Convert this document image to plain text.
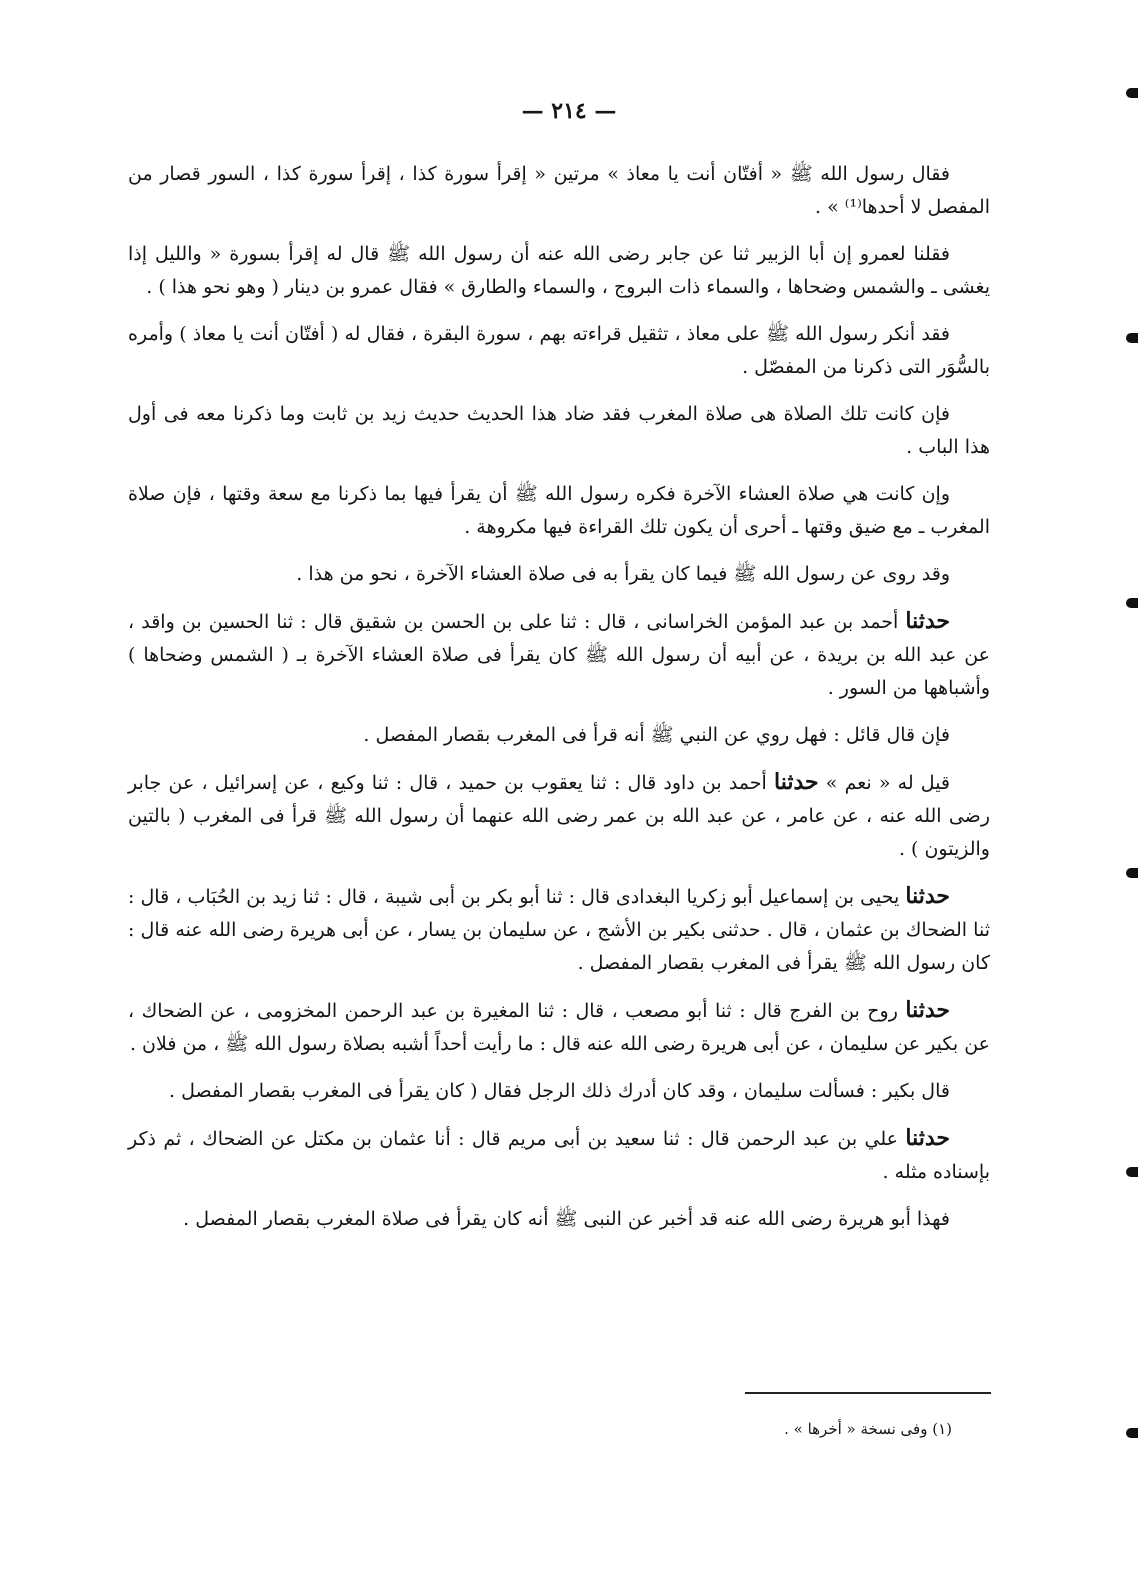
— ٢١٤ —

فقال رسول الله ﷺ « أفتّان أنت يا معاذ » مرتين « إقرأ سورة كذا ، إقرأ سورة كذا ، السور قصار من المفصل لا أحدها⁽¹⁾ » .

فقلنا لعمرو إن أبا الزبير ثنا عن جابر رضى الله عنه أن رسول الله ﷺ قال له إقرأ بسورة « والليل إذا يغشى ـ والشمس وضحاها ، والسماء ذات البروج ، والسماء والطارق » فقال عمرو بن دينار ( وهو نحو هذا ) .

فقد أنكر رسول الله ﷺ على معاذ ، تثقيل قراءته بهم ، سورة البقرة ، فقال له ( أفتّان أنت يا معاذ ) وأمره بالسُّوَر التى ذكرنا من المفصّل .

فإن كانت تلك الصلاة هى صلاة المغرب فقد ضاد هذا الحديث حديث زيد بن ثابت وما ذكرنا معه فى أول هذا الباب .

وإن كانت هي صلاة العشاء الآخرة فكره رسول الله ﷺ أن يقرأ فيها بما ذكرنا مع سعة وقتها ، فإن صلاة المغرب ـ مع ضيق وقتها ـ أحرى أن يكون تلك القراءة فيها مكروهة .

وقد روى عن رسول الله ﷺ فيما كان يقرأ به فى صلاة العشاء الآخرة ، نحو من هذا .

حدثنا أحمد بن عبد المؤمن الخراسانى ، قال : ثنا على بن الحسن بن شقيق قال : ثنا الحسين بن واقد ، عن عبد الله بن بريدة ، عن أبيه أن رسول الله ﷺ كان يقرأ فى صلاة العشاء الآخرة بـ ( الشمس وضحاها ) وأشباهها من السور .

فإن قال قائل : فهل روي عن النبي ﷺ أنه قرأ فى المغرب بقصار المفصل .

قيل له « نعم » حدثنا أحمد بن داود قال : ثنا يعقوب بن حميد ، قال : ثنا وكيع ، عن إسرائيل ، عن جابر رضى الله عنه ، عن عامر ، عن عبد الله بن عمر رضى الله عنهما أن رسول الله ﷺ قرأ فى المغرب ( بالتين والزيتون ) .

حدثنا يحيى بن إسماعيل أبو زكريا البغدادى قال : ثنا أبو بكر بن أبى شيبة ، قال : ثنا زيد بن الحُبَاب ، قال : ثنا الضحاك بن عثمان ، قال . حدثنى بكير بن الأشج ، عن سليمان بن يسار ، عن أبى هريرة رضى الله عنه قال : كان رسول الله ﷺ يقرأ فى المغرب بقصار المفصل .

حدثنا روح بن الفرج قال : ثنا أبو مصعب ، قال : ثنا المغيرة بن عبد الرحمن المخزومى ، عن الضحاك ، عن بكير عن سليمان ، عن أبى هريرة رضى الله عنه قال : ما رأيت أحداً أشبه بصلاة رسول الله ﷺ ، من فلان .

قال بكير : فسألت سليمان ، وقد كان أدرك ذلك الرجل فقال ( كان يقرأ فى المغرب بقصار المفصل .

حدثنا علي بن عبد الرحمن قال : ثنا سعيد بن أبى مريم قال : أنا عثمان بن مكتل عن الضحاك ، ثم ذكر بإسناده مثله .

فهذا أبو هريرة رضى الله عنه قد أخبر عن النبى ﷺ أنه كان يقرأ فى صلاة المغرب بقصار المفصل .

(١) وفى نسخة « أخرها » .
